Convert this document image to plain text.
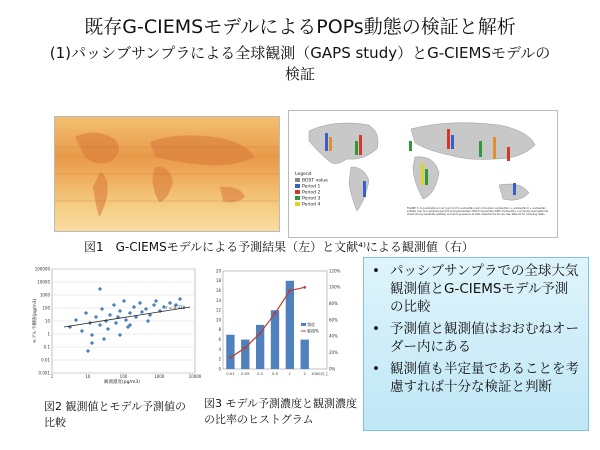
既存G-CIEMSモデルによるPOPs動態の検証と解析
(1)パッシブサンプラによる全球観測（GAPS study）とG-CIEMSモデルの
検証
Legend
BOST value
Period 1
Period 2
Period 3
Period 4
FIGURE 3. Concentrations in air (pg m-3) for endosulfan (sum of isomeric endosulfan I + endosulfan II + endosulfan sulfate) over four sampling periods during December 2004 to December 2005. Endosulfan, a currently used pesticide shows strong variability spatially and among seasons at sites impacted by its use. See Table S1 for sampling dates.
図1　G-CIEMSモデルによる予測結果（左）と文献⁴⁾による観測値（右）
100000
10000
1000
100
10
1
0.1
0.01
0.001
1	10	100	1000	10000
r = 0.328
観測濃度(pg/m3)
モデル予測値(pg/m3)
0
2
4
6
8
10
12
14
16
18
20
0%
20%
40%
60%
80%
100%
120%
0.01 0.05 0.1 0.5	1	2 1000以上
頻度
累積%
図2 観測値とモデル予測値の比較
図3 モデル予測濃度と観測濃度の比率のヒストグラム
• パッシブサンプラでの全球大気観測値とG-CIEMSモデル予測の比較
• 予測値と観測値はおおむねオーダー内にある
• 観測値も半定量であることを考慮すれば十分な検証と判断
